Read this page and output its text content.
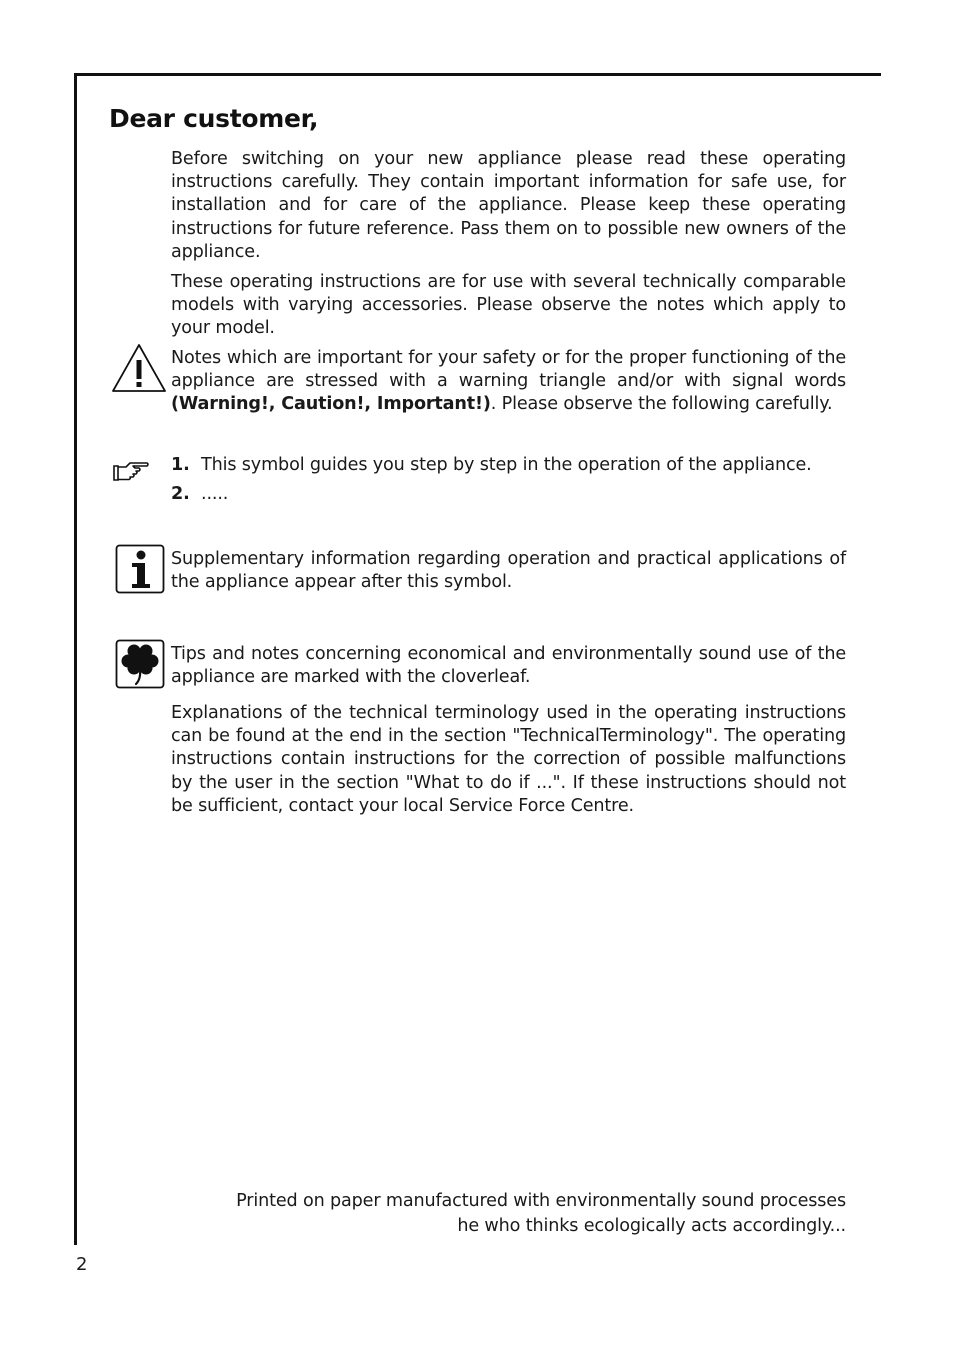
Dear customer,

Before switching on your new appliance please read these operating instructions carefully. They contain important information for safe use, for installation and for care of the appliance. Please keep these operating instructions for future reference. Pass them on to possible new owners of the appliance.

These operating instructions are for use with several technically comparable models with varying accessories. Please observe the notes which apply to your model.

Notes which are important for your safety or for the proper functioning of the appliance are stressed with a warning triangle and/or with signal words (Warning!, Caution!, Important!). Please observe the following carefully.

1. This symbol guides you step by step in the operation of the appliance.
2. .....

Supplementary information regarding operation and practical applications of the appliance appear after this symbol.

Tips and notes concerning economical and environmentally sound use of the appliance are marked with the cloverleaf.

Explanations of the technical terminology used in the operating instructions can be found at the end in the section "TechnicalTerminology". The operating instructions contain instructions for the correction of possible malfunctions by the user in the section "What to do if ...". If these instructions should not be sufficient, contact your local Service Force Centre.

Printed on paper manufactured with environmentally sound processes
he who thinks ecologically acts accordingly...
2
